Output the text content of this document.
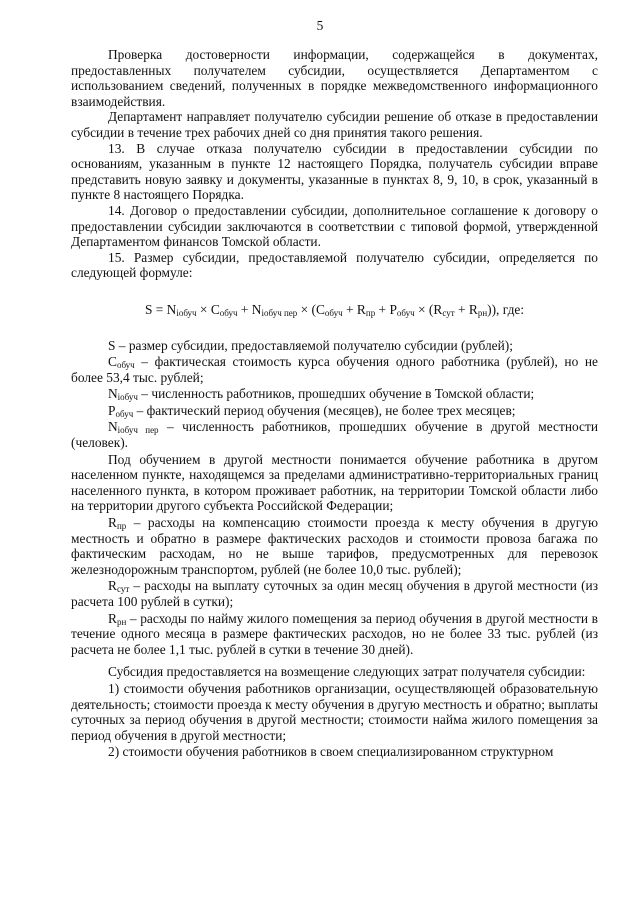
5

Проверка достоверности информации, содержащейся в документах, предоставленных получателем субсидии, осуществляется Департаментом с использованием сведений, полученных в порядке межведомственного информационного взаимодействия.

Департамент направляет получателю субсидии решение об отказе в предоставлении субсидии в течение трех рабочих дней со дня принятия такого решения.

13. В случае отказа получателю субсидии в предоставлении субсидии по основаниям, указанным в пункте 12 настоящего Порядка, получатель субсидии вправе представить новую заявку и документы, указанные в пунктах 8, 9, 10, в срок, указанный в пункте 8 настоящего Порядка.

14. Договор о предоставлении субсидии, дополнительное соглашение к договору о предоставлении субсидии заключаются в соответствии с типовой формой, утвержденной Департаментом финансов Томской области.

15. Размер субсидии, предоставляемой получателю субсидии, определяется по следующей формуле:

$S = N_{iобуч} \times C_{обуч} + N_{iобуч пер} \times (C_{обуч} + R_{пр} + P_{обуч} \times (R_{сут} + R_{рн}))$, где:

S – размер субсидии, предоставляемой получателю субсидии (рублей);

$C_{обуч}$ – фактическая стоимость курса обучения одного работника (рублей), но не более 53,4 тыс. рублей;

$N_{iобуч}$ – численность работников, прошедших обучение в Томской области;

$P_{обуч}$ – фактический период обучения (месяцев), не более трех месяцев;

$N_{iобуч пер}$ – численность работников, прошедших обучение в другой местности (человек).

Под обучением в другой местности понимается обучение работника в другом населенном пункте, находящемся за пределами административно-территориальных границ населенного пункта, в котором проживает работник, на территории Томской области либо на территории другого субъекта Российской Федерации;

$R_{пр}$ – расходы на компенсацию стоимости проезда к месту обучения в другую местность и обратно в размере фактических расходов и стоимости провоза багажа по фактическим расходам, но не выше тарифов, предусмотренных для перевозок железнодорожным транспортом, рублей (не более 10,0 тыс. рублей);

$R_{сут}$ – расходы на выплату суточных за один месяц обучения в другой местности (из расчета 100 рублей в сутки);

$R_{рн}$ – расходы по найму жилого помещения за период обучения в другой местности в течение одного месяца в размере фактических расходов, но не более 33 тыс. рублей (из расчета не более 1,1 тыс. рублей в сутки в течение 30 дней).

Субсидия предоставляется на возмещение следующих затрат получателя субсидии:

1) стоимости обучения работников организации, осуществляющей образовательную деятельность; стоимости проезда к месту обучения в другую местность и обратно; выплаты суточных за период обучения в другой местности; стоимости найма жилого помещения за период обучения в другой местности;

2) стоимости обучения работников в своем специализированном структурном
